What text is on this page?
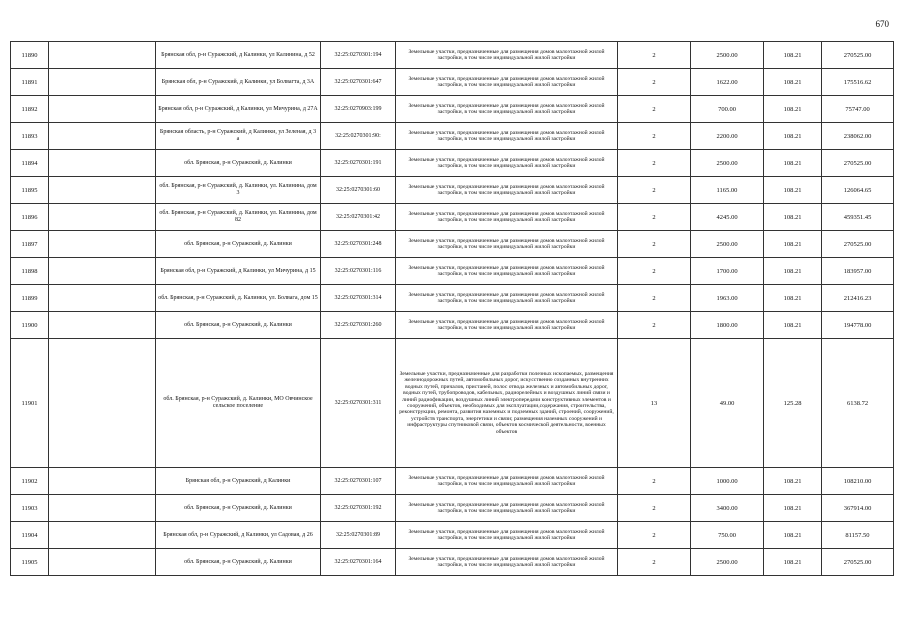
670
11890		Брянская обл, р-н Суражский, д Калинки, ул Калинина, д 52	32:25:0270301:194	Земельные участки, предназначенные для размещения домов малоэтажной жилой застройки, в том числе индивидуальной жилой застройки	2	2500.00	108.21	270525.00
11891		Брянская обл, р-н Суражский, д Калинки, ул Болвагта, д 3А	32:25:0270301:647	Земельные участки, предназначенные для размещения домов малоэтажной жилой застройки, в том числе индивидуальной жилой застройки	2	1622.00	108.21	175516.62
11892		Брянская обл, р-н Суражский, д Калинки, ул Мичурина, д 27А	32:25:0270903:199	Земельные участки, предназначенные для размещения домов малоэтажной жилой застройки, в том числе индивидуальной жилой застройки	2	700.00	108.21	75747.00
11893		Брянская область, р-н Суражский, д Калинки, ул Зеленая, д 3 а	32:25:0270301:90:	Земельные участки, предназначенные для размещения домов малоэтажной жилой застройки, в том числе индивидуальной жилой застройки	2	2200.00	108.21	238062.00
11894		обл. Брянская, р-н Суражский, д. Калинки	32:25:0270301:191	Земельные участки, предназначенные для размещения домов малоэтажной жилой застройки, в том числе индивидуальной жилой застройки	2	2500.00	108.21	270525.00
11895		обл. Брянская, р-н Суражский, д. Калинки, ул. Калинина, дом 3	32:25:0270301:60	Земельные участки, предназначенные для размещения домов малоэтажной жилой застройки, в том числе индивидуальной жилой застройки	2	1165.00	108.21	126064.65
11896		обл. Брянская, р-н Суражский, д. Калинки, ул. Калинина, дом 82	32:25:0270301:42	Земельные участки, предназначенные для размещения домов малоэтажной жилой застройки, в том числе индивидуальной жилой застройки	2	4245.00	108.21	459351.45
11897		обл. Брянская, р-н Суражский, д. Калинки	32:25:0270301:248	Земельные участки, предназначенные для размещения домов малоэтажной жилой застройки, в том числе индивидуальной жилой застройки	2	2500.00	108.21	270525.00
11898		Брянская обл, р-н Суражский, д Калинки, ул Мичурина, д 15	32:25:0270301:116	Земельные участки, предназначенные для размещения домов малоэтажной жилой застройки, в том числе индивидуальной жилой застройки	2	1700.00	108.21	183957.00
11899		обл. Брянская, р-н Суражский, д. Калинки, ул. Болвага, дом 15	32:25:0270301:314	Земельные участки, предназначенные для размещения домов малоэтажной жилой застройки, в том числе индивидуальной жилой застройки	2	1963.00	108.21	212416.23
11900		обл. Брянская, р-н Суражский, д. Калинки	32:25:0270301:260	Земельные участки, предназначенные для размещения домов малоэтажной жилой застройки, в том числе индивидуальной жилой застройки	2	1800.00	108.21	194778.00
11901		обл. Брянская, р-н Суражский, д. Калинки, МО Овчинское сельское поселение	32:25:0270301:311	Земельные участки, предназначенные для разработки полезных ископаемых, размещения железнодорожных путей, автомобильных дорог, искусственно созданных внутренних водных путей, причалов, пристаней, полос отвода железных и автомобильных дорог, водных путей, трубопроводов, кабельных, радиорелейных и воздушных линий связи и линий радиофикации, воздушных линий электропередачи конструктивных элементов и сооружений, объектов, необходимых для эксплуатации,содержания, строительства, реконструкции, ремонта, развития наземных и подземных зданий, строений, сооружений, устройств транспорта, энергетики и связи; размещения наземных сооружений и инфраструктуры спутниковой связи, объектов космической деятельности, военных объектов	13	49.00	125.28	6138.72
11902		Брянская обл, р-н Суражский, д Калинки	32:25:0270301:107	Земельные участки, предназначенные для размещения домов малоэтажной жилой застройки, в том числе индивидуальной жилой застройки	2	1000.00	108.21	108210.00
11903		обл. Брянская, р-н Суражский, д. Калинки	32:25:0270301:192	Земельные участки, предназначенные для размещения домов малоэтажной жилой застройки, в том числе индивидуальной жилой застройки	2	3400.00	108.21	367914.00
11904		Брянская обл, р-н Суражский, д Калинки, ул Садовая, д 26	32:25:0270301:89	Земельные участки, предназначенные для размещения домов малоэтажной жилой застройки, в том числе индивидуальной жилой застройки	2	750.00	108.21	81157.50
11905		обл. Брянская, р-н Суражский, д. Калинки	32:25:0270301:164	Земельные участки, предназначенные для размещения домов малоэтажной жилой застройки, в том числе индивидуальной жилой застройки	2	2500.00	108.21	270525.00
